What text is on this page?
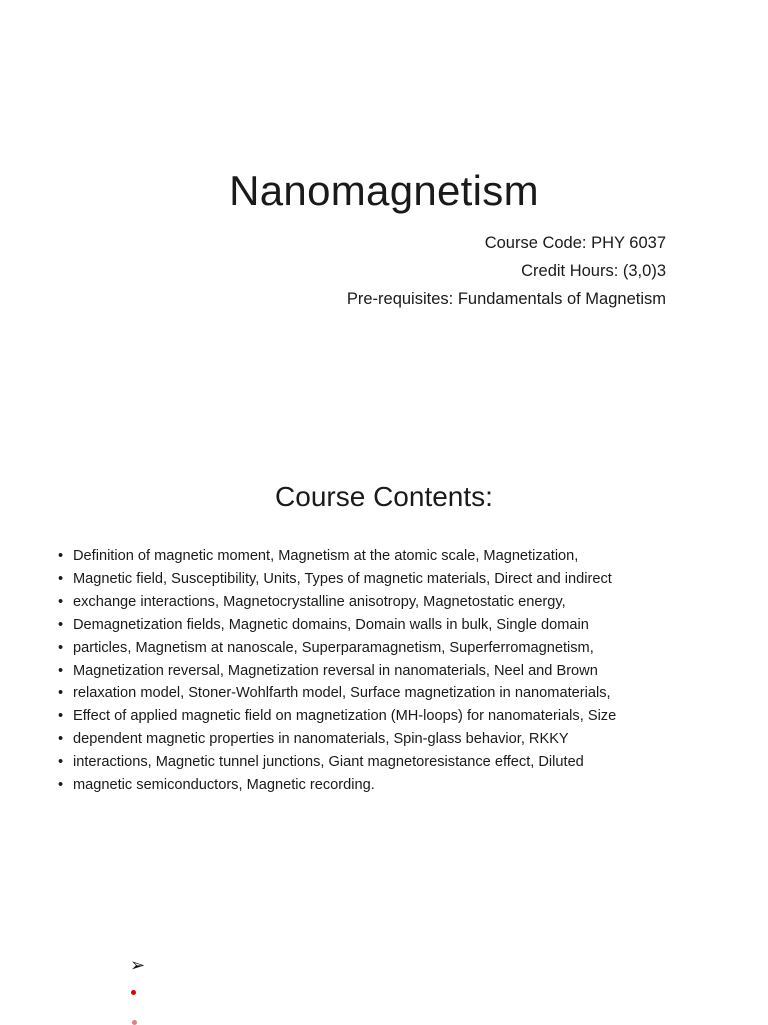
Nanomagnetism
Course Code: PHY 6037
Credit Hours: (3,0)3
Pre-requisites: Fundamentals of Magnetism
Course Contents:
• Definition of magnetic moment, Magnetism at the atomic scale, Magnetization,
• Magnetic field, Susceptibility, Units, Types of magnetic materials, Direct and indirect
• exchange interactions, Magnetocrystalline anisotropy, Magnetostatic energy,
• Demagnetization fields, Magnetic domains, Domain walls in bulk, Single domain
• particles, Magnetism at nanoscale, Superparamagnetism, Superferromagnetism,
• Magnetization reversal, Magnetization reversal in nanomaterials, Neel and Brown
• relaxation model, Stoner-Wohlfarth model, Surface magnetization in nanomaterials,
• Effect of applied magnetic field on magnetization (MH-loops) for nanomaterials, Size
• dependent magnetic properties in nanomaterials, Spin-glass behavior, RKKY
• interactions, Magnetic tunnel junctions, Giant magnetoresistance effect, Diluted
• magnetic semiconductors, Magnetic recording.
➢
